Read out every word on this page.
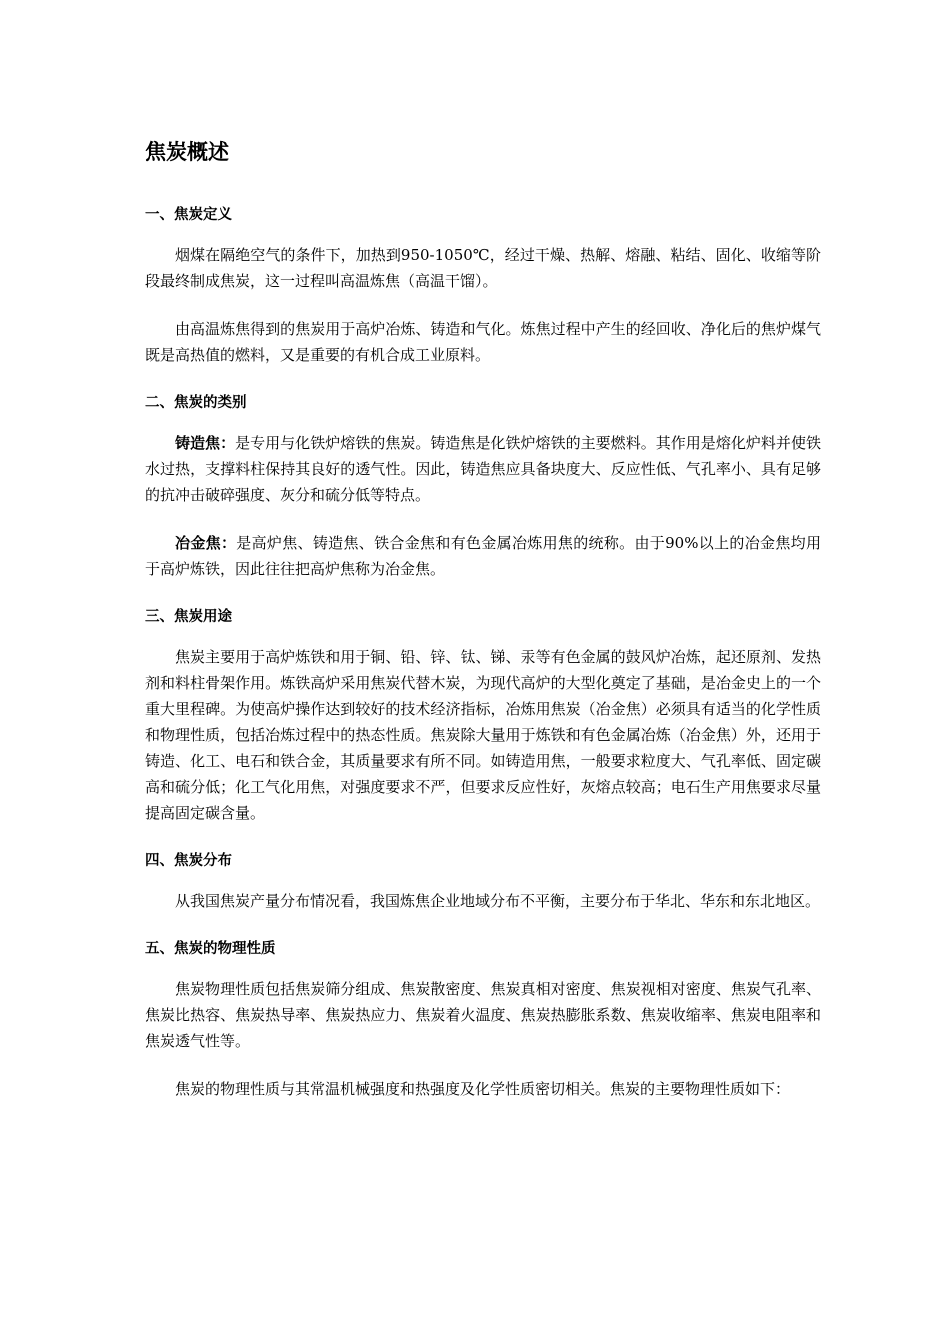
焦炭概述
一、焦炭定义

烟煤在隔绝空气的条件下，加热到950-1050℃，经过干燥、热解、熔融、粘结、固化、收缩等阶段最终制成焦炭，这一过程叫高温炼焦（高温干馏）。

由高温炼焦得到的焦炭用于高炉冶炼、铸造和气化。炼焦过程中产生的经回收、净化后的焦炉煤气既是高热值的燃料，又是重要的有机合成工业原料。

二、焦炭的类别

铸造焦：是专用与化铁炉熔铁的焦炭。铸造焦是化铁炉熔铁的主要燃料。其作用是熔化炉料并使铁水过热，支撑料柱保持其良好的透气性。因此，铸造焦应具备块度大、反应性低、气孔率小、具有足够的抗冲击破碎强度、灰分和硫分低等特点。

冶金焦：是高炉焦、铸造焦、铁合金焦和有色金属冶炼用焦的统称。由于90%以上的冶金焦均用于高炉炼铁，因此往往把高炉焦称为冶金焦。

三、焦炭用途

焦炭主要用于高炉炼铁和用于铜、铅、锌、钛、锑、汞等有色金属的鼓风炉冶炼，起还原剂、发热剂和料柱骨架作用。炼铁高炉采用焦炭代替木炭，为现代高炉的大型化奠定了基础，是冶金史上的一个重大里程碑。为使高炉操作达到较好的技术经济指标，冶炼用焦炭（冶金焦）必须具有适当的化学性质和物理性质，包括冶炼过程中的热态性质。焦炭除大量用于炼铁和有色金属冶炼（冶金焦）外，还用于铸造、化工、电石和铁合金，其质量要求有所不同。如铸造用焦，一般要求粒度大、气孔率低、固定碳高和硫分低；化工气化用焦，对强度要求不严，但要求反应性好，灰熔点较高；电石生产用焦要求尽量提高固定碳含量。

四、焦炭分布

从我国焦炭产量分布情况看，我国炼焦企业地域分布不平衡，主要分布于华北、华东和东北地区。

五、焦炭的物理性质

焦炭物理性质包括焦炭筛分组成、焦炭散密度、焦炭真相对密度、焦炭视相对密度、焦炭气孔率、焦炭比热容、焦炭热导率、焦炭热应力、焦炭着火温度、焦炭热膨胀系数、焦炭收缩率、焦炭电阻率和焦炭透气性等。

焦炭的物理性质与其常温机械强度和热强度及化学性质密切相关。焦炭的主要物理性质如下：
